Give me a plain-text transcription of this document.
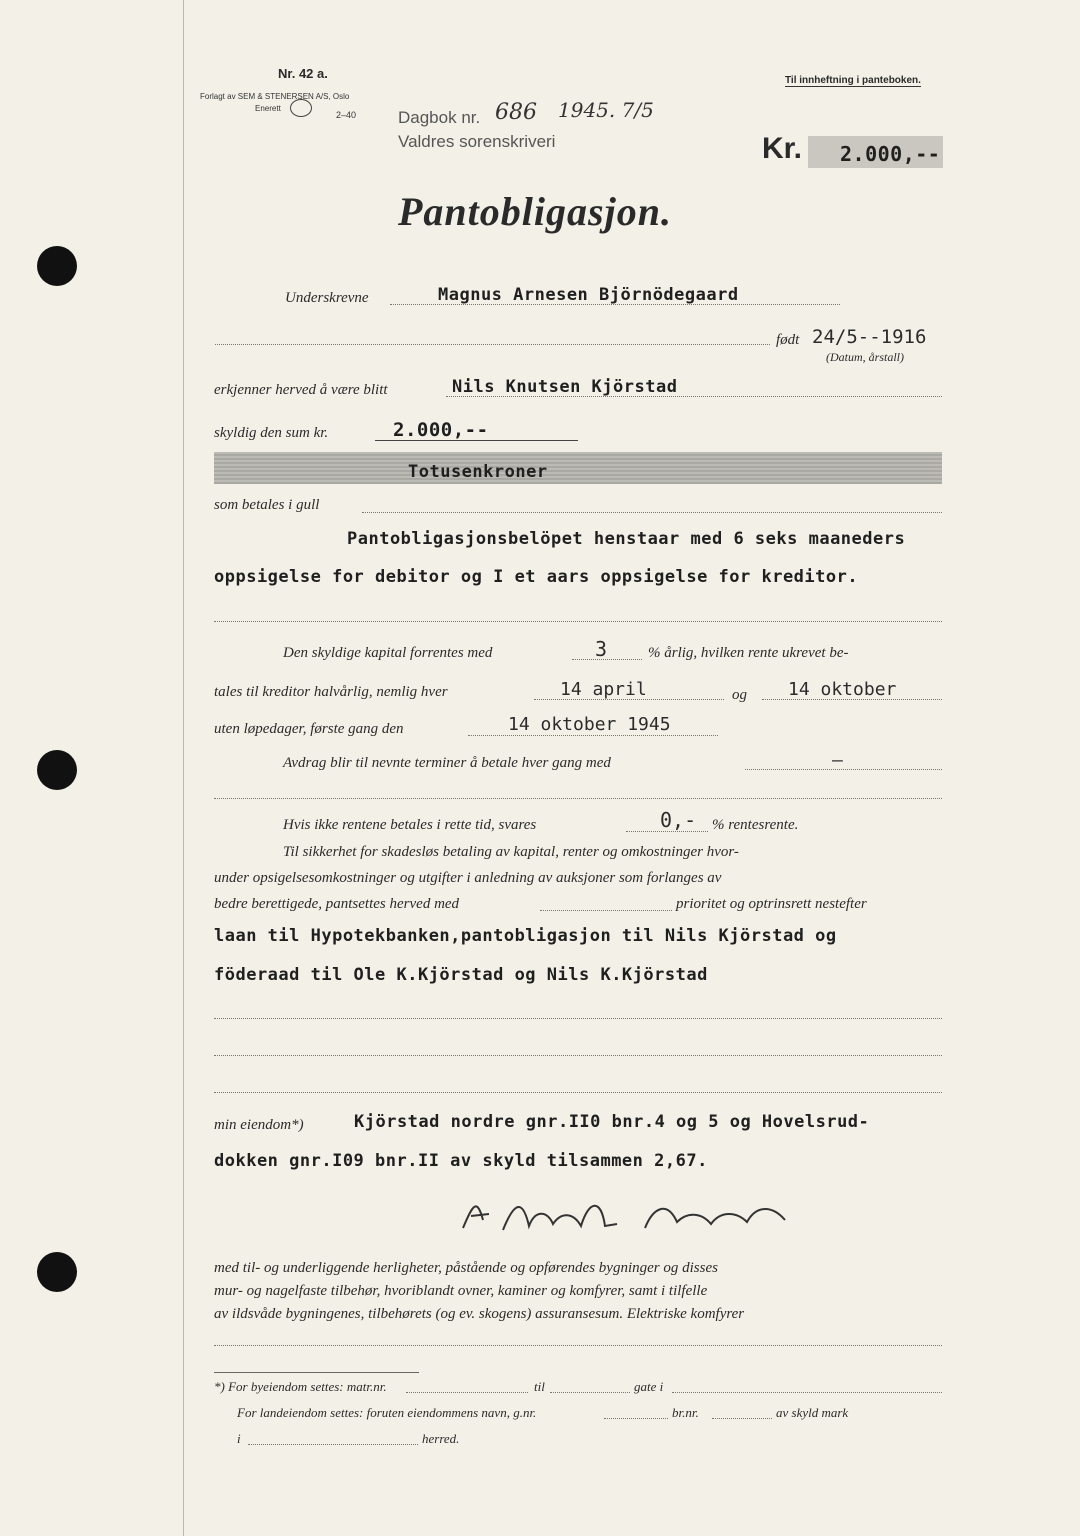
Nr. 42 a.
Forlagt av SEM & STENERSEN A/S, Oslo
Enerett
2–40 Dagbok nr. 686 1945. 7/5
Valdres sorenskriveri
Til innheftning i panteboken.
Kr. 2.000,--
Pantobligasjon.
Underskrevne	Magnus Arnesen Björnödegaard
født 24/5--1916
(Datum, årstall)
erkjenner herved å være blitt	Nils Knutsen Kjörstad
skyldig den sum kr.	2.000,--
Totusenkroner
som betales i gull
Pantobligasjonsbelöpet henstaar med 6 seks maaneders
oppsigelse for debitor og I et aars oppsigelse for kreditor.
Den skyldige kapital forrentes med	3	% årlig, hvilken rente ukrevet be-
tales til kreditor halvårlig, nemlig hver	14 april	og 14 oktober
uten løpedager, første gang den	14 oktober 1945
Avdrag blir til nevnte terminer å betale hver gang med	—
Hvis ikke rentene betales i rette tid, svares	0,- % rentesrente.
Til sikkerhet for skadesløs betaling av kapital, renter og omkostninger hvor-
under opsigelsesomkostninger og utgifter i anledning av auksjoner som forlanges av
bedre berettigede, pantsettes herved med	prioritet og optrinsrett nestefter
laan til Hypotekbanken,pantobligasjon til Nils Kjörstad og
föderaad til Ole K.Kjörstad og Nils K.Kjörstad
min eiendom*)	Kjörstad nordre gnr.II0 bnr.4 og 5 og Hovelsrud-
dokken gnr.I09 bnr.II av skyld tilsammen 2,67.
med til- og underliggende herligheter, påstående og opførendes bygninger og disses
mur- og nagelfaste tilbehør, hvoriblandt ovner, kaminer og komfyrer, samt i tilfelle
av ildsvåde bygningenes, tilbehørets (og ev. skogens) assuransesum. Elektriske komfyrer
*) For byeiendom settes: matr.nr.	til	gate i
For landeiendom settes: foruten eiendommens navn, g.nr.	br.nr.	av skyld mark
i	herred.
